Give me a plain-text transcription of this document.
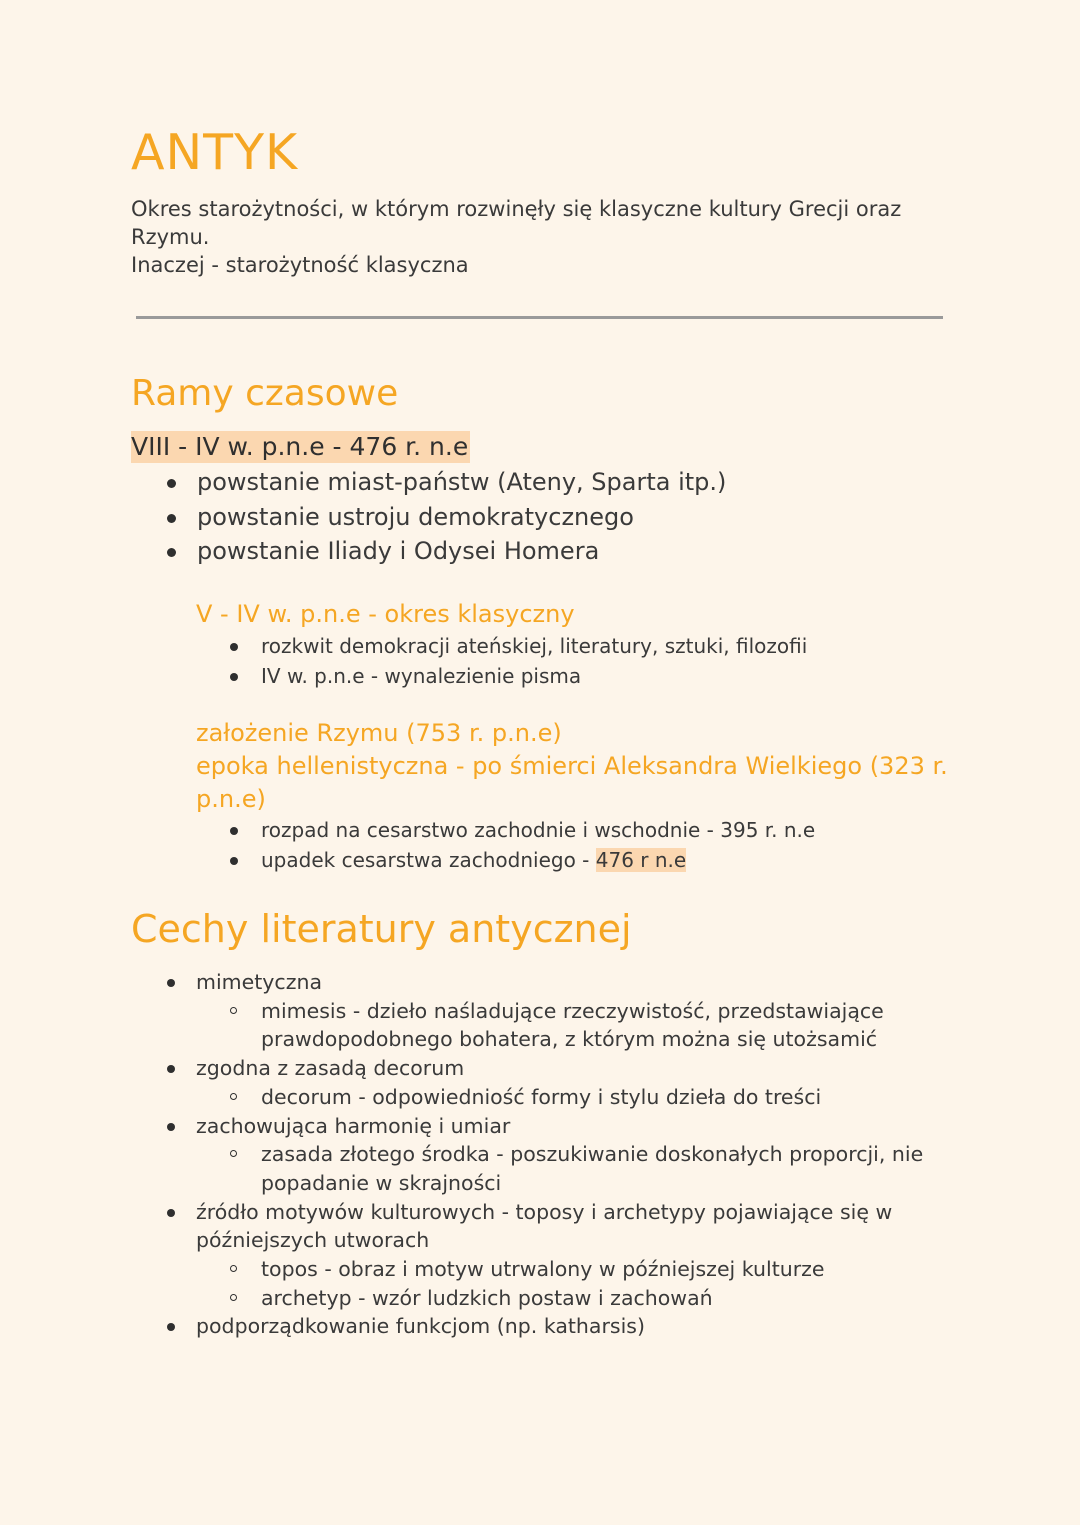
ANTYK

Okres starożytności, w którym rozwinęły się klasyczne kultury Grecji oraz Rzymu.

Inaczej - starożytność klasyczna

Ramy czasowe
VIII - IV w. p.n.e - 476 r. n.e
powstanie miast-państw (Ateny, Sparta itp.)
powstanie ustroju demokratycznego
powstanie Iliady i Odysei Homera
V - IV w. p.n.e - okres klasyczny
rozkwit demokracji ateńskiej, literatury, sztuki, filozofii
IV w. p.n.e - wynalezienie pisma
założenie Rzymu (753 r. p.n.e)
epoka hellenistyczna - po śmierci Aleksandra Wielkiego (323 r. p.n.e)
rozpad na cesarstwo zachodnie i wschodnie - 395 r. n.e
upadek cesarstwa zachodniego - 476 r n.e
Cechy literatury antycznej
mimetyczna
mimesis - dzieło naśladujące rzeczywistość, przedstawiające prawdopodobnego bohatera, z którym można się utożsamić
zgodna z zasadą decorum
decorum - odpowiedniość formy i stylu dzieła do treści
zachowująca harmonię i umiar
zasada złotego środka - poszukiwanie doskonałych proporcji, nie popadanie w skrajności
źródło motywów kulturowych - toposy i archetypy pojawiające się w późniejszych utworach
topos - obraz i motyw utrwalony w późniejszej kulturze
archetyp - wzór ludzkich postaw i zachowań
podporządkowanie funkcjom (np. katharsis)
